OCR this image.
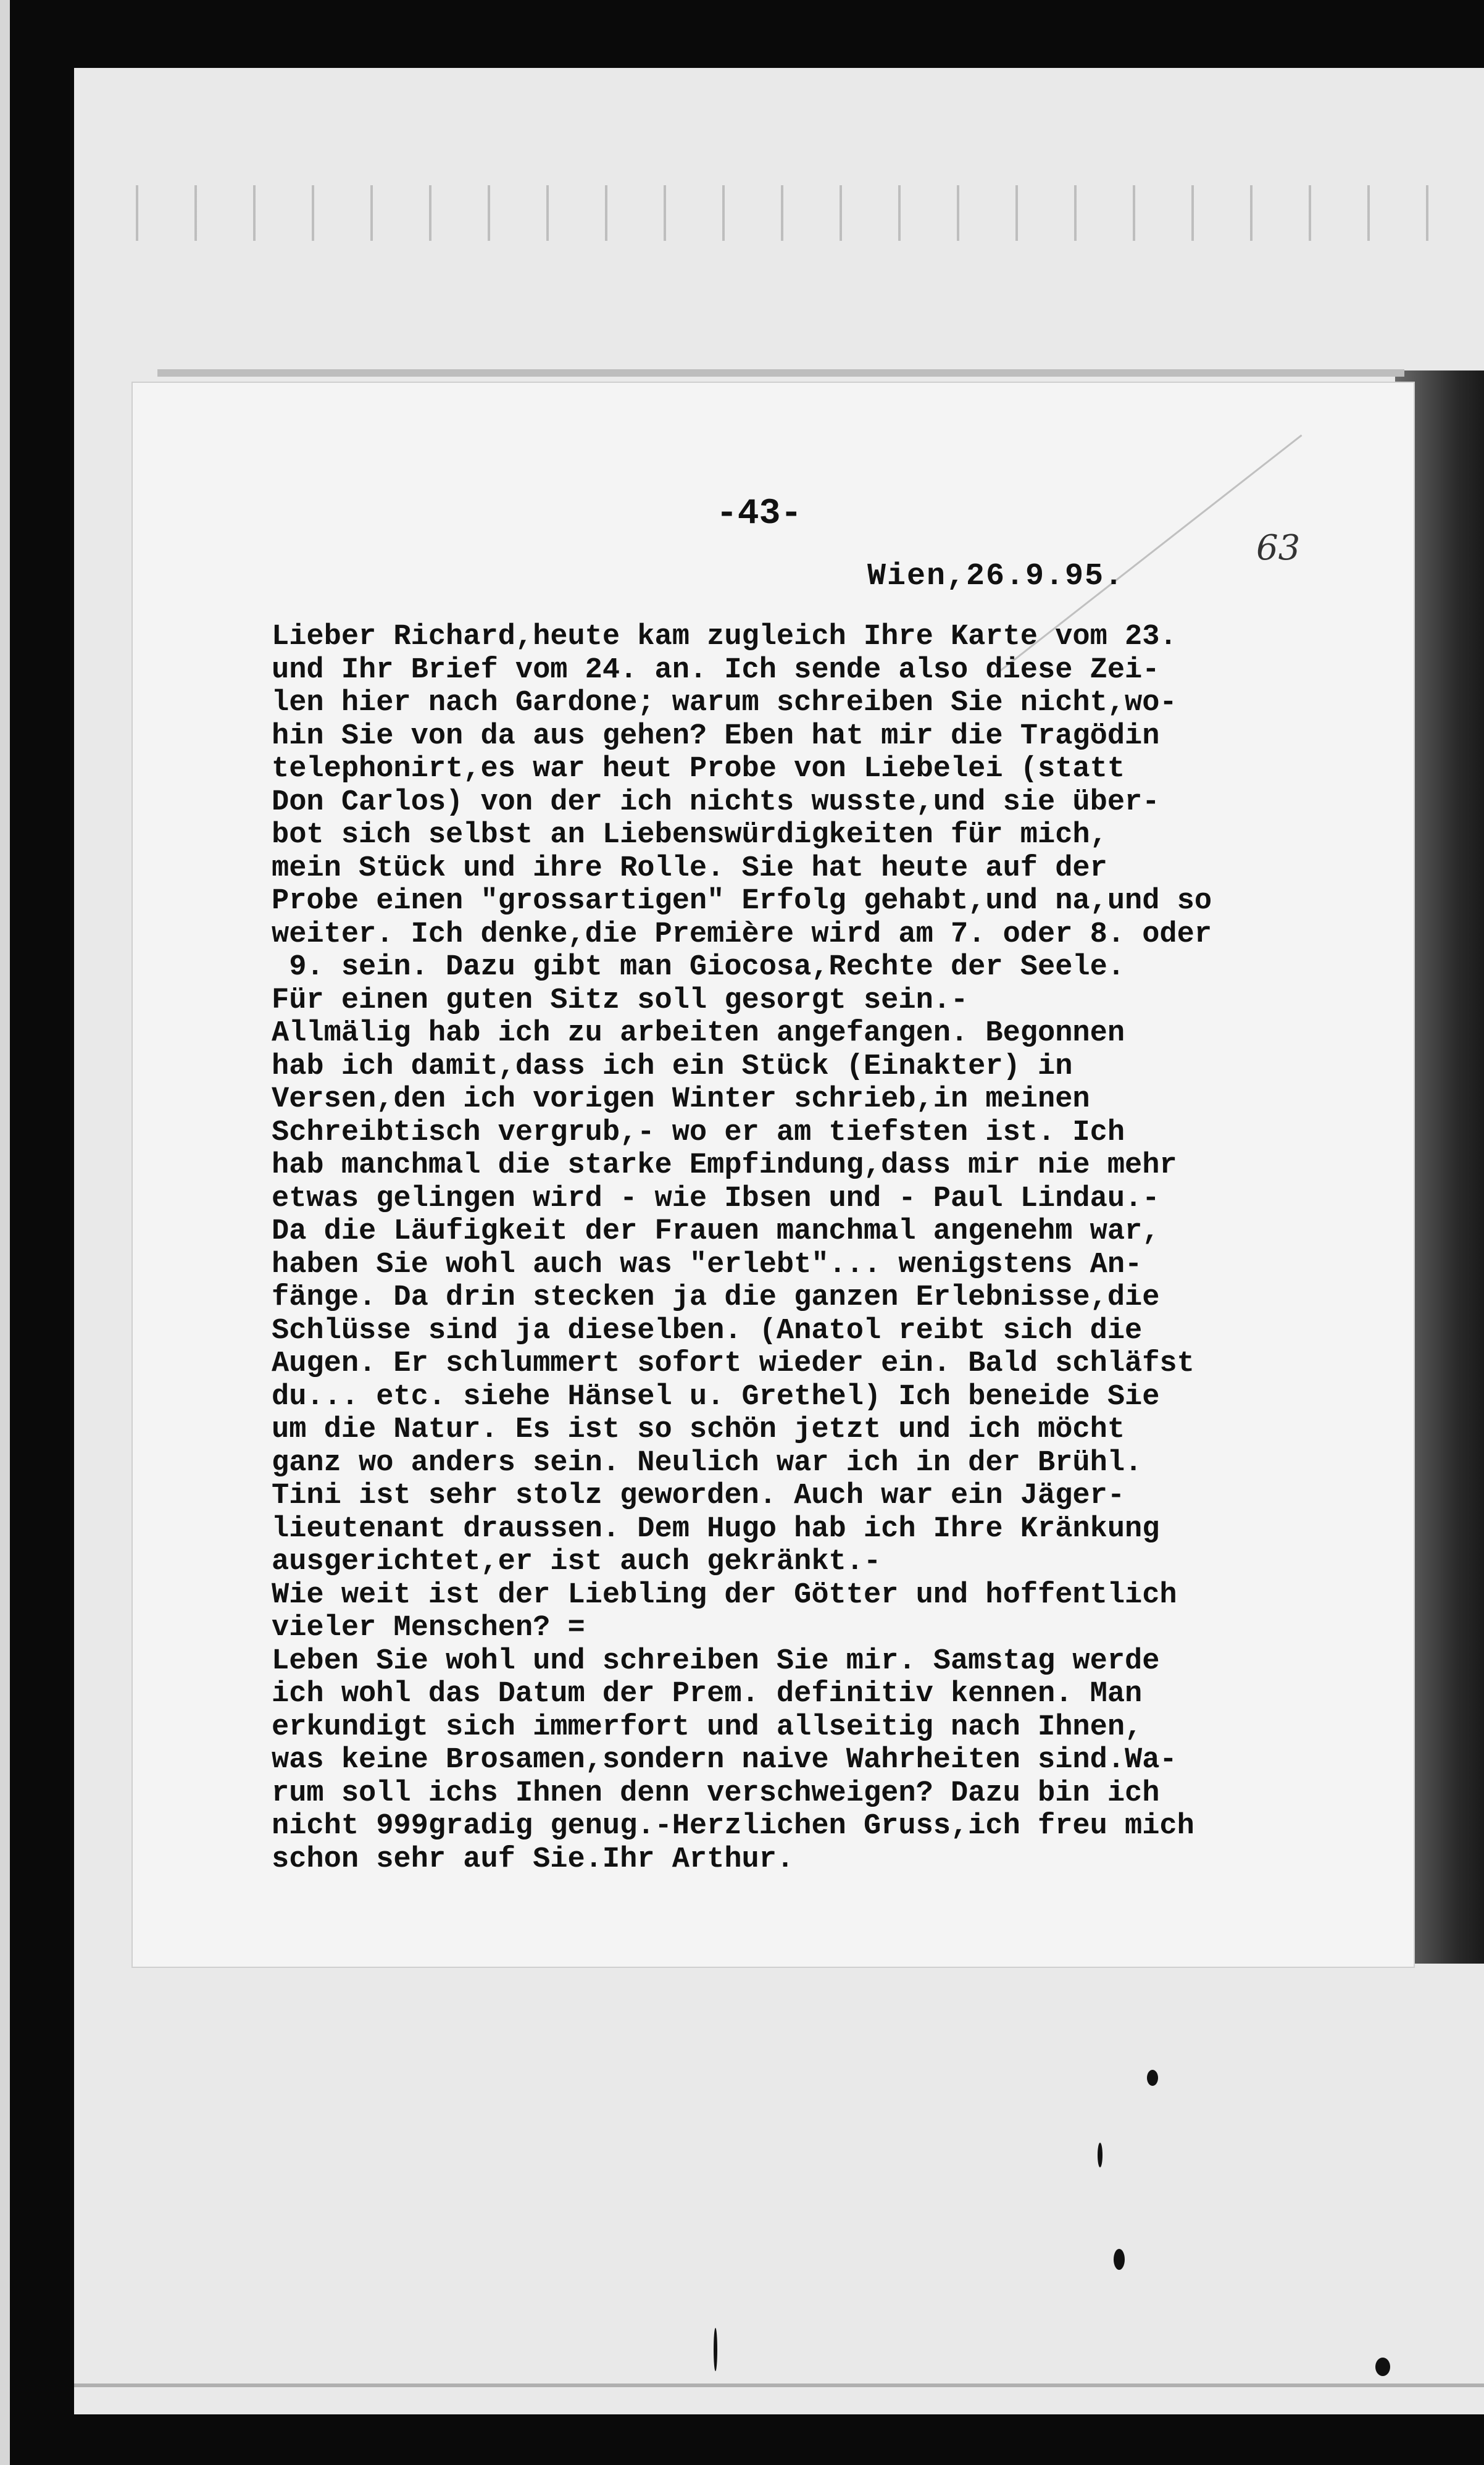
-43-

Wien,26.9.95.

63

Lieber Richard,heute kam zugleich Ihre Karte vom 23.
und Ihr Brief vom 24. an. Ich sende also diese Zei-
len hier nach Gardone; warum schreiben Sie nicht,wo-
hin Sie von da aus gehen? Eben hat mir die Tragödin
telephonirt,es war heut Probe von Liebelei (statt
Don Carlos) von der ich nichts wusste,und sie über-
bot sich selbst an Liebenswürdigkeiten für mich,
mein Stück und ihre Rolle. Sie hat heute auf der
Probe einen "grossartigen" Erfolg gehabt,und na,und so
weiter. Ich denke,die Première wird am 7. oder 8. oder
9. sein. Dazu gibt man Giocosa,Rechte der Seele.
Für einen guten Sitz soll gesorgt sein.-
Allmälig hab ich zu arbeiten angefangen. Begonnen
hab ich damit,dass ich ein Stück (Einakter) in
Versen,den ich vorigen Winter schrieb,in meinen
Schreibtisch vergrub,- wo er am tiefsten ist. Ich
hab manchmal die starke Empfindung,dass mir nie mehr
etwas gelingen wird - wie Ibsen und - Paul Lindau.-
Da die Läufigkeit der Frauen manchmal angenehm war,
haben Sie wohl auch was "erlebt"... wenigstens An-
fänge. Da drin stecken ja die ganzen Erlebnisse,die
Schlüsse sind ja dieselben. (Anatol reibt sich die
Augen. Er schlummert sofort wieder ein. Bald schläfst
du... etc. siehe Hänsel u. Grethel) Ich beneide Sie
um die Natur. Es ist so schön jetzt und ich möcht
ganz wo anders sein. Neulich war ich in der Brühl.
Tini ist sehr stolz geworden. Auch war ein Jäger-
lieutenant draussen. Dem Hugo hab ich Ihre Kränkung
ausgerichtet,er ist auch gekränkt.-
Wie weit ist der Liebling der Götter und hoffentlich
vieler Menschen? =
Leben Sie wohl und schreiben Sie mir. Samstag werde
ich wohl das Datum der Prem. definitiv kennen. Man
erkundigt sich immerfort und allseitig nach Ihnen,
was keine Brosamen,sondern naive Wahrheiten sind.Wa-
rum soll ichs Ihnen denn verschweigen? Dazu bin ich
nicht 999gradig genug.-Herzlichen Gruss,ich freu mich
schon sehr auf Sie.Ihr Arthur.
